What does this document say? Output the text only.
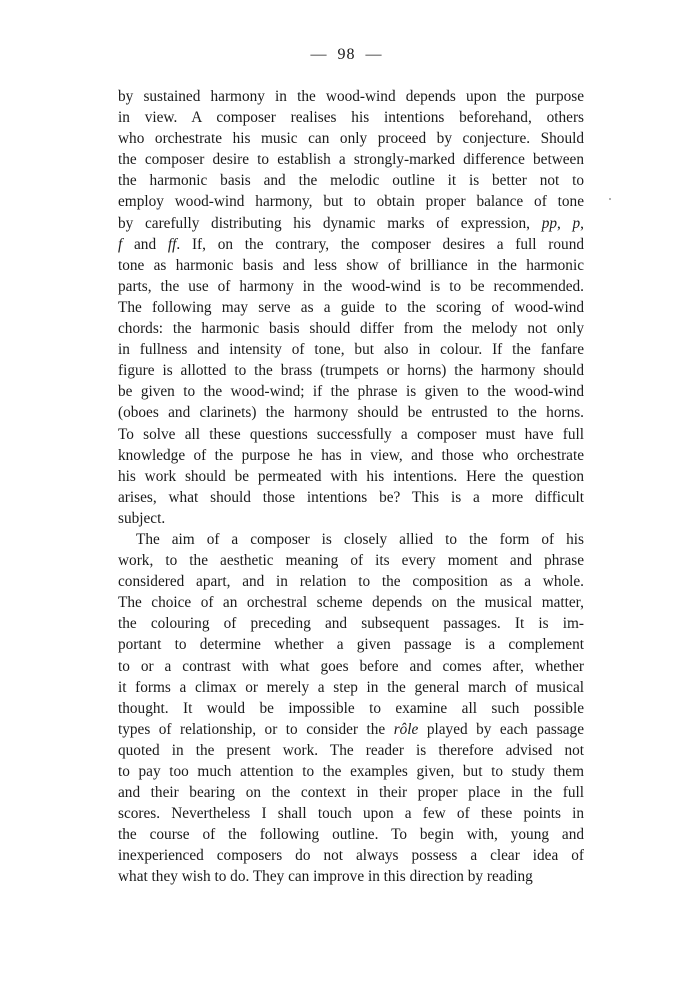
— 98 —
by sustained harmony in the wood-wind depends upon the purpose
in view. A composer realises his intentions beforehand, others
who orchestrate his music can only proceed by conjecture. Should
the composer desire to establish a strongly-marked difference between
the harmonic basis and the melodic outline it is better not to
employ wood-wind harmony, but to obtain proper balance of tone
by carefully distributing his dynamic marks of expression, pp, p,
f and ff. If, on the contrary, the composer desires a full round
tone as harmonic basis and less show of brilliance in the harmonic
parts, the use of harmony in the wood-wind is to be recommended.
The following may serve as a guide to the scoring of wood-wind
chords: the harmonic basis should differ from the melody not only
in fullness and intensity of tone, but also in colour. If the fanfare
figure is allotted to the brass (trumpets or horns) the harmony should
be given to the wood-wind; if the phrase is given to the wood-wind
(oboes and clarinets) the harmony should be entrusted to the horns.
To solve all these questions successfully a composer must have full
knowledge of the purpose he has in view, and those who orchestrate
his work should be permeated with his intentions. Here the question
arises, what should those intentions be? This is a more difficult
subject.
The aim of a composer is closely allied to the form of his
work, to the aesthetic meaning of its every moment and phrase
considered apart, and in relation to the composition as a whole.
The choice of an orchestral scheme depends on the musical matter,
the colouring of preceding and subsequent passages. It is im-
portant to determine whether a given passage is a complement
to or a contrast with what goes before and comes after, whether
it forms a climax or merely a step in the general march of musical
thought. It would be impossible to examine all such possible
types of relationship, or to consider the rôle played by each passage
quoted in the present work. The reader is therefore advised not
to pay too much attention to the examples given, but to study them
and their bearing on the context in their proper place in the full
scores. Nevertheless I shall touch upon a few of these points in
the course of the following outline. To begin with, young and
inexperienced composers do not always possess a clear idea of
what they wish to do. They can improve in this direction by reading
